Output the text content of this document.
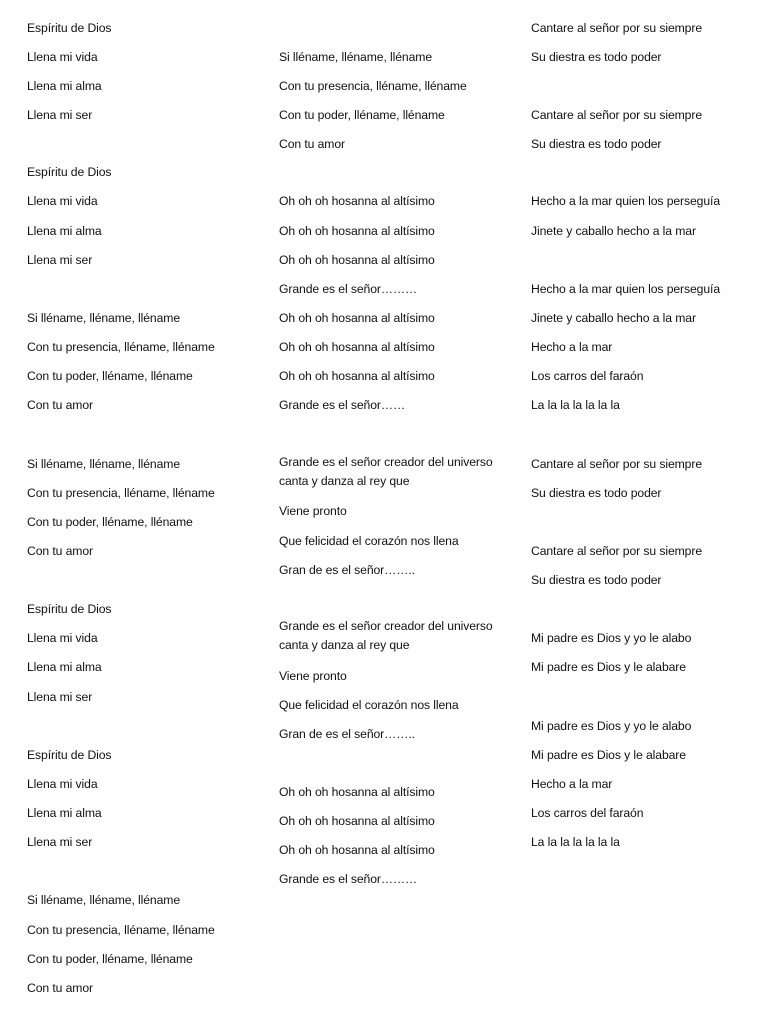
Espíritu de Dios
Llena mi vida
Llena mi alma
Llena mi ser
Espíritu de Dios
Llena mi vida
Llena mi alma
Llena mi ser
Si lléname, lléname, lléname
Con tu presencia, lléname, lléname
Con tu poder, lléname, lléname
Con tu amor
Si lléname, lléname, lléname
Con tu presencia, lléname, lléname
Con tu poder, lléname, lléname
Con tu amor
Espíritu de Dios
Llena mi vida
Llena mi alma
Llena mi ser
Espíritu de Dios
Llena mi vida
Llena mi alma
Llena mi ser
Si lléname, lléname, lléname
Con tu presencia, lléname, lléname
Con tu poder, lléname, lléname
Con tu amor
Si lléname, lléname, lléname
Con tu presencia, lléname, lléname
Con tu poder, lléname, lléname
Con tu amor
Oh oh oh hosanna al altísimo
Oh oh oh hosanna al altísimo
Oh oh oh hosanna al altísimo
Grande es el señor………
Oh oh oh hosanna al altísimo
Oh oh oh hosanna al altísimo
Oh oh oh hosanna al altísimo
Grande es el señor……
Grande es el señor creador del universo canta y danza al rey que
Viene pronto
Que felicidad el corazón nos llena
Gran de es el señor……..
Grande es el señor creador del universo canta y danza al rey que
Viene pronto
Que felicidad el corazón nos llena
Gran de es el señor……..
Oh oh oh hosanna al altísimo
Oh oh oh hosanna al altísimo
Oh oh oh hosanna al altísimo
Grande es el señor………
Cantare al señor por su siempre
Su diestra es todo poder
Cantare al señor por su siempre
Su diestra es todo poder
Hecho a la mar quien los perseguía
Jinete y caballo hecho a la mar
Hecho a la mar quien los perseguía
Jinete y caballo hecho a la mar
Hecho a la mar
Los carros del faraón
La la la la la la la
Cantare al señor por su siempre
Su diestra es todo poder
Cantare al señor por su siempre
Su diestra es todo poder
Mi padre es Dios y yo le alabo
Mi padre es Dios y le alabare
Mi padre es Dios y yo le alabo
Mi padre es Dios y le alabare
Hecho a la mar
Los carros del faraón
La la la la la la la
